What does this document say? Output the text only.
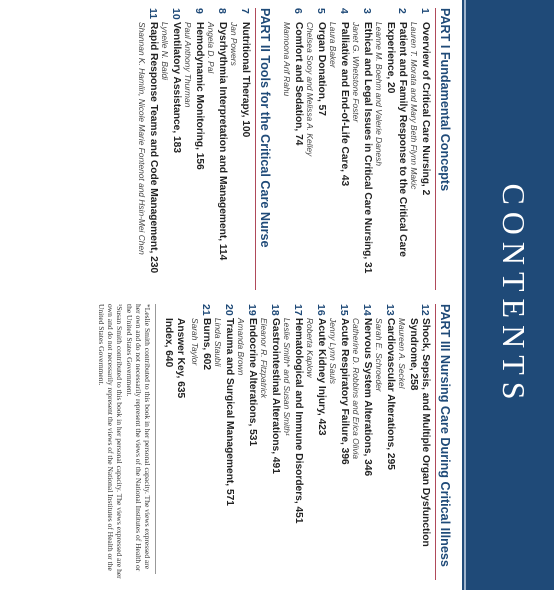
CONTENTS
PART I Fundamental Concepts
1
Overview of Critical Care Nursing, 2
Lauren T. Morata and Mary Beth Flynn Makic
2
Patient and Family Response to the Critical Care Experience, 20
Leanne M. Boehm and Valerie Danesh
3
Ethical and Legal Issues in Critical Care Nursing, 31
Janet G. Whetstone Foster
4
Palliative and End-of-Life Care, 43
Laura Baker
5
Organ Donation, 57
Chelsea Sooy and Melissa A. Kelley
6
Comfort and Sedation, 74
Mamoona Arif Rahu
PART II Tools for the Critical Care Nurse
7
Nutritional Therapy, 100
Jan Powers
8
Dysrhythmia Interpretation and Management, 114
Angela D. Pal
9
Hemodynamic Monitoring, 156
Paul Anthony Thurman
10
Ventilatory Assistance, 183
Lynelle N. Baldi
11
Rapid Response Teams and Code Management, 230
Shannan K. Hamlin, Nicole Marie Fontenot and Hsin-Mei Chen
PART III Nursing Care During Critical Illness
12
Shock, Sepsis, and Multiple Organ Dysfunction Syndrome, 258
Maureen A. Seckel
13
Cardiovascular Alterations, 295
Sarah E. Schroeder
14
Nervous System Alterations, 346
Catherine D. Robbins and Erica Olivia
15
Acute Respiratory Failure, 396
Jenny Lynn Sauls
16
Acute Kidney Injury, 423
Roberta Kaplow
17
Hematological and Immune Disorders, 451
Leslie Smith* and Susan Smith¹
18
Gastrointestinal Alterations, 491
Eleanor R. Fitzpatrick
19
Endocrine Alterations, 531
Amanda Brown
20
Trauma and Surgical Management, 571
Linda Staubli
21
Burns, 602
Sarah Taylor
Answer Key, 635
Index, 640

*Leslie Smith contributed to this book in her personal capacity. The views expressed are her own and do not necessarily represent the views of the National Institutes of Health or the United States Government.

¹Susan Smith contributed to this book in her personal capacity. The views expressed are her own and do not necessarily represent the views of the National Institutes of Health or the United States Government.
